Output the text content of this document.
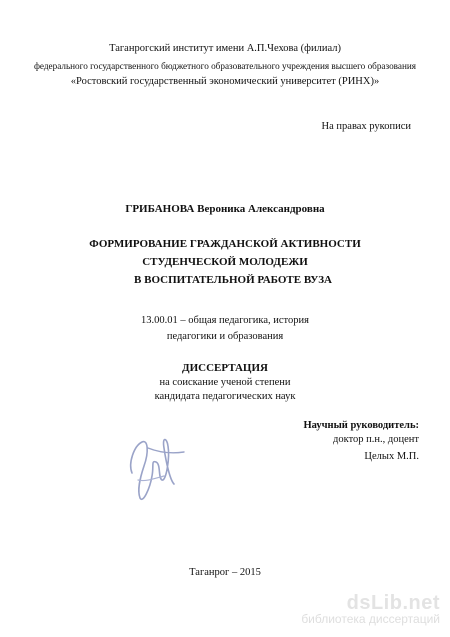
Таганрогский институт имени А.П.Чехова (филиал)
федерального государственного бюджетного образовательного учреждения высшего образования
«Ростовский государственный экономический университет (РИНХ)»
На правах рукописи
ГРИБАНОВА Вероника Александровна
ФОРМИРОВАНИЕ ГРАЖДАНСКОЙ АКТИВНОСТИ
СТУДЕНЧЕСКОЙ МОЛОДЕЖИ
В ВОСПИТАТЕЛЬНОЙ РАБОТЕ ВУЗА
13.00.01 – общая педагогика, история
педагогики и образования
ДИССЕРТАЦИЯ
на соискание ученой степени
кандидата педагогических наук
Научный руководитель:
доктор п.н., доцент
Целых М.П.
Таганрог – 2015
dsLib.net
библиотека диссертаций
